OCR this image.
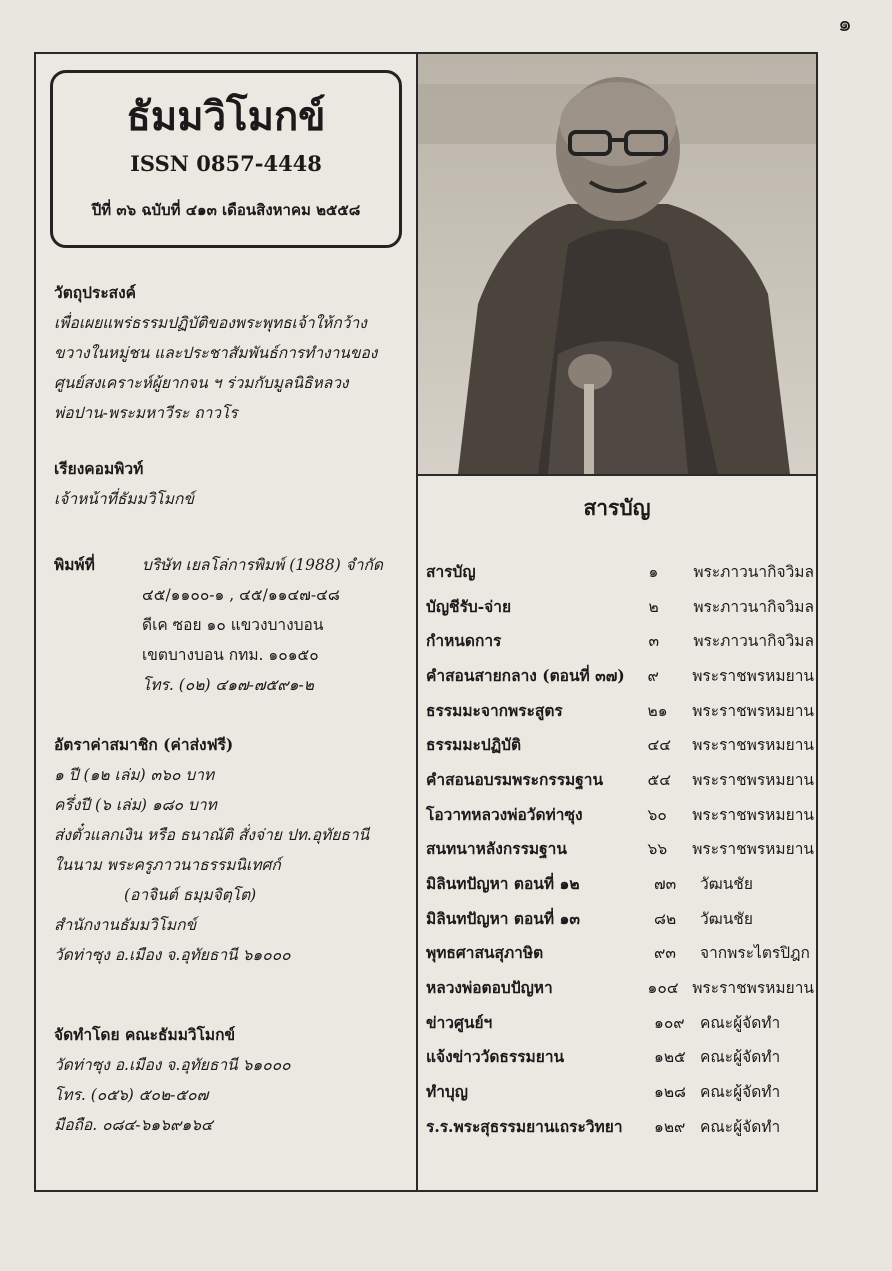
๑
ธัมมวิโมกข์
ISSN 0857-4448
ปีที่ ๓๖ ฉบับที่ ๔๑๓ เดือนสิงหาคม ๒๕๕๘
วัตถุประสงค์
เพื่อเผยแพร่ธรรมปฏิบัติของพระพุทธเจ้าให้กว้าง
ขวางในหมู่ชน และประชาสัมพันธ์การทำงานของ
ศูนย์สงเคราะห์ผู้ยากจน ฯ ร่วมกับมูลนิธิหลวง
พ่อปาน-พระมหาวีระ ถาวโร
เรียงคอมพิวท์
เจ้าหน้าที่ธัมมวิโมกข์
พิมพ์ที่	บริษัท เยลโล่การพิมพ์ (1988) จำกัด
๔๕/๑๑๐๐-๑ , ๔๕/๑๑๔๗-๔๘
ดีเค ซอย ๑๐ แขวงบางบอน
เขตบางบอน กทม. ๑๐๑๕๐
โทร. (๐๒) ๔๑๗-๗๕๙๑-๒
อัตราค่าสมาชิก (ค่าส่งฟรี)
๑ ปี (๑๒ เล่ม) ๓๖๐ บาท
ครึ่งปี (๖ เล่ม) ๑๘๐ บาท
ส่งตั๋วแลกเงิน หรือ ธนาณัติ สั่งจ่าย ปท.อุทัยธานี
ในนาม พระครูภาวนาธรรมนิเทศก์
(อาจินต์ ธมฺมจิตฺโต)
สำนักงานธัมมวิโมกข์
วัดท่าซุง อ.เมือง จ.อุทัยธานี ๖๑๐๐๐
จัดทำโดย คณะธัมมวิโมกข์
วัดท่าซุง อ.เมือง จ.อุทัยธานี ๖๑๐๐๐
โทร. (๐๕๖) ๕๐๒-๕๐๗
มือถือ. ๐๘๔-๖๑๖๙๑๖๔
สารบัญ
สารบัญ	๑	พระภาวนากิจวิมล
บัญชีรับ-จ่าย	๒	พระภาวนากิจวิมล
กำหนดการ	๓	พระภาวนากิจวิมล
คำสอนสายกลาง (ตอนที่ ๓๗)	๙	พระราชพรหมยาน
ธรรมมะจากพระสูตร	๒๑	พระราชพรหมยาน
ธรรมมะปฏิบัติ	๔๔	พระราชพรหมยาน
คำสอนอบรมพระกรรมฐาน	๕๔	พระราชพรหมยาน
โอวาทหลวงพ่อวัดท่าซุง	๖๐	พระราชพรหมยาน
สนทนาหลังกรรมฐาน	๖๖	พระราชพรหมยาน
มิลินทปัญหา ตอนที่ ๑๒	๗๓	วัฒนชัย
มิลินทปัญหา ตอนที่ ๑๓	๘๒	วัฒนชัย
พุทธศาสนสุภาษิต	๙๓	จากพระไตรปิฎก
หลวงพ่อตอบปัญหา	๑๐๔ พระราชพรหมยาน
ข่าวศูนย์ฯ	๑๐๙ คณะผู้จัดทำ
แจ้งข่าววัดธรรมยาน	๑๒๕ คณะผู้จัดทำ
ทำบุญ	๑๒๘ คณะผู้จัดทำ
ร.ร.พระสุธรรมยานเถระวิทยา	๑๒๙ คณะผู้จัดทำ
